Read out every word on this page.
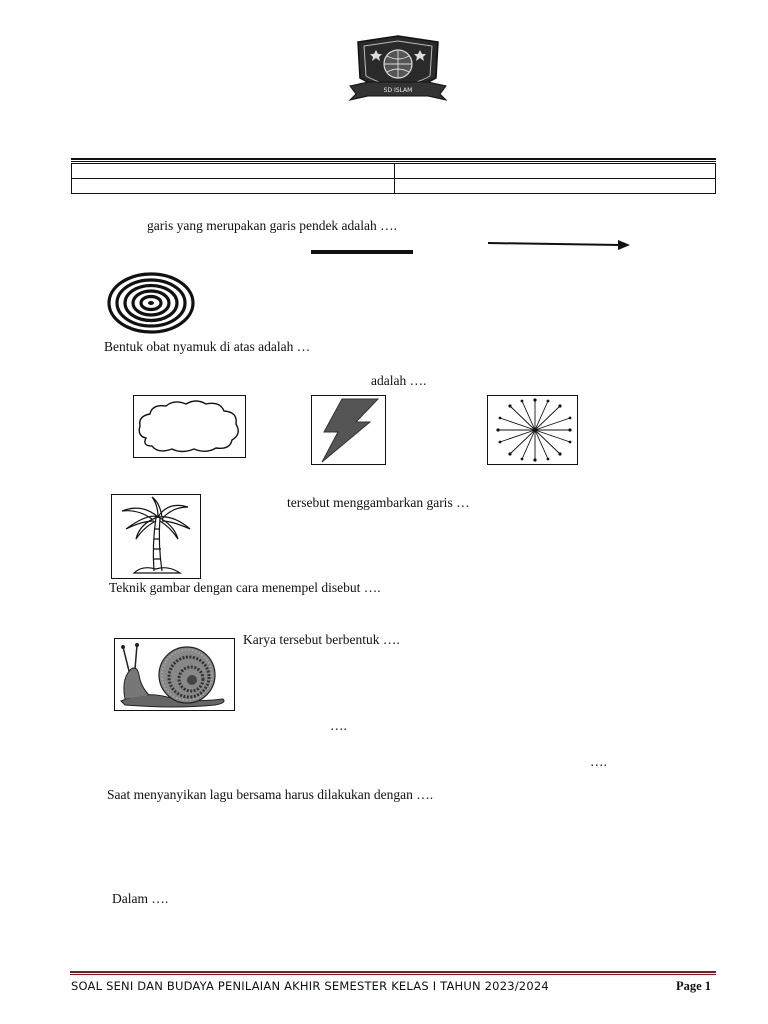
SD ISLAM
garis yang merupakan garis pendek adalah ….
Bentuk obat nyamuk di atas adalah …
adalah ….
tersebut menggambarkan garis …
Teknik gambar dengan cara menempel disebut ….
Karya tersebut berbentuk ….
….
….
Saat menyanyikan lagu bersama harus dilakukan dengan ….
Dalam ….
SOAL SENI DAN BUDAYA PENILAIAN AKHIR SEMESTER KELAS I TAHUN 2023/2024	Page 1
